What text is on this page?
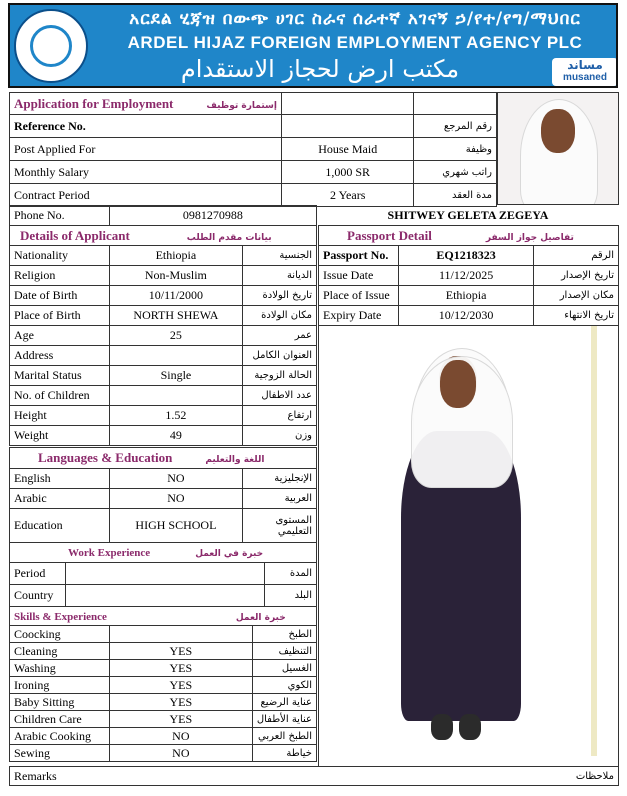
አርደል ሂጃዝ በውጭ ሀገር ስራና ሰራተኛ አገናኝ ኃ/የተ/የግ/ማህበር
ARDEL HIJAZ FOREIGN EMPLOYMENT AGENCY PLC
مكتب ارض لحجاز الاستقدام	مساند
musaned
Application for Employment إستمارة توظيف		
Reference No.		رقم المرجع
Post Applied For	House Maid	وظيفة
Monthly Salary	1,000 SR	راتب شهري
Contract Period	2 Years	مدة العقد
Phone No.	0981270988	SHITWEY GELETA ZEGEYA
Details of Applicant بيانات مقدم الطلب		
Nationality	Ethiopia	الجنسية
Religion	Non-Muslim	الديانة
Date of Birth	10/11/2000	تاريخ الولادة
Place of Birth	NORTH SHEWA	مكان الولادة
Age	25	عمر
Address		العنوان الكامل
Marital Status	Single	الحالة الزوجية
No. of Children		عدد الاطفال
Height	1.52	ارتفاع
Weight	49	وزن
Passport Detail تفاصيل جواز السفر		
Passport No.	EQ1218323	الرقم
Issue Date	11/12/2025	تاريخ الإصدار
Place of Issue	Ethiopia	مكان الإصدار
Expiry Date	10/12/2030	تاريخ الانتهاء
Languages & Education اللغة والتعليم		
English	NO	الإنجليزية
Arabic	NO	العربية
Education	HIGH SCHOOL	المستوى التعليمي
Work Experience خبرة في العمل		
Period		المدة
Country		البلد
Skills & Experience خبرة العمل		
Coocking		الطبخ
Cleaning	YES	التنظيف
Washing	YES	الغسيل
Ironing	YES	الكوي
Baby Sitting	YES	عناية الرضيع
Children Care	YES	عناية الأطفال
Arabic Cooking	NO	الطبخ العربي
Sewing	NO	خياطة
Remarks	ملاحظات
